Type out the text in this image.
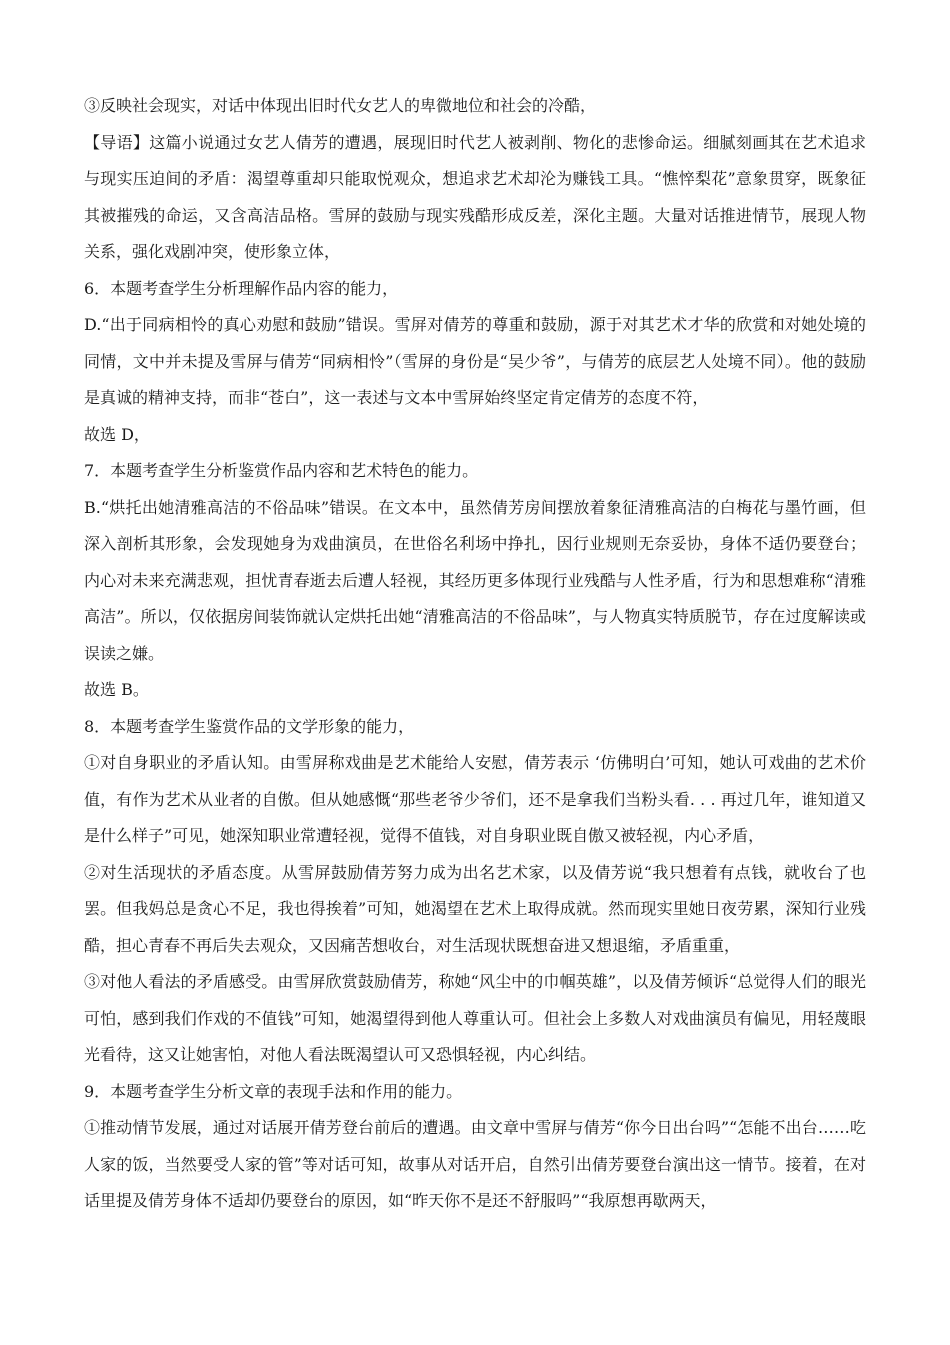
③反映社会现实，对话中体现出旧时代女艺人的卑微地位和社会的冷酷，

【导语】这篇小说通过女艺人倩芳的遭遇，展现旧时代艺人被剥削、物化的悲惨命运。细腻刻画其在艺术追求与现实压迫间的矛盾：渴望尊重却只能取悦观众，想追求艺术却沦为赚钱工具。“憔悴梨花”意象贯穿，既象征其被摧残的命运，又含高洁品格。雪屏的鼓励与现实残酷形成反差，深化主题。大量对话推进情节，展现人物关系，强化戏剧冲突，使形象立体，

6．本题考查学生分析理解作品内容的能力，

D.“出于同病相怜的真心劝慰和鼓励”错误。雪屏对倩芳的尊重和鼓励，源于对其艺术才华的欣赏和对她处境的同情，文中并未提及雪屏与倩芳“同病相怜”（雪屏的身份是“吴少爷”，与倩芳的底层艺人处境不同）。他的鼓励是真诚的精神支持，而非“苍白”，这一表述与文本中雪屏始终坚定肯定倩芳的态度不符，

故选 D，

7．本题考查学生分析鉴赏作品内容和艺术特色的能力。

B.“烘托出她清雅高洁的不俗品味”错误。在文本中，虽然倩芳房间摆放着象征清雅高洁的白梅花与墨竹画，但深入剖析其形象，会发现她身为戏曲演员，在世俗名利场中挣扎，因行业规则无奈妥协，身体不适仍要登台；内心对未来充满悲观，担忧青春逝去后遭人轻视，其经历更多体现行业残酷与人性矛盾，行为和思想难称“清雅高洁”。所以，仅依据房间装饰就认定烘托出她“清雅高洁的不俗品味”，与人物真实特质脱节，存在过度解读或误读之嫌。

故选 B。

8．本题考查学生鉴赏作品的文学形象的能力，

①对自身职业的矛盾认知。由雪屏称戏曲是艺术能给人安慰，倩芳表示 ‘仿佛明白’可知，她认可戏曲的艺术价值，有作为艺术从业者的自傲。但从她感慨“那些老爷少爷们，还不是拿我们当粉头看. . . 再过几年，谁知道又是什么样子”可见，她深知职业常遭轻视，觉得不值钱，对自身职业既自傲又被轻视，内心矛盾，

②对生活现状的矛盾态度。从雪屏鼓励倩芳努力成为出名艺术家，以及倩芳说“我只想着有点钱，就收台了也罢。但我妈总是贪心不足，我也得挨着”可知，她渴望在艺术上取得成就。然而现实里她日夜劳累，深知行业残酷，担心青春不再后失去观众，又因痛苦想收台，对生活现状既想奋进又想退缩，矛盾重重，

③对他人看法的矛盾感受。由雪屏欣赏鼓励倩芳，称她“风尘中的巾帼英雄”，以及倩芳倾诉“总觉得人们的眼光可怕，感到我们作戏的不值钱”可知，她渴望得到他人尊重认可。但社会上多数人对戏曲演员有偏见，用轻蔑眼光看待，这又让她害怕，对他人看法既渴望认可又恐惧轻视，内心纠结。

9．本题考查学生分析文章的表现手法和作用的能力。

①推动情节发展，通过对话展开倩芳登台前后的遭遇。由文章中雪屏与倩芳“你今日出台吗”“怎能不出台……吃人家的饭，当然要受人家的管”等对话可知，故事从对话开启，自然引出倩芳要登台演出这一情节。接着，在对话里提及倩芳身体不适却仍要登台的原因，如“昨天你不是还不舒服吗”“我原想再歇两天，
